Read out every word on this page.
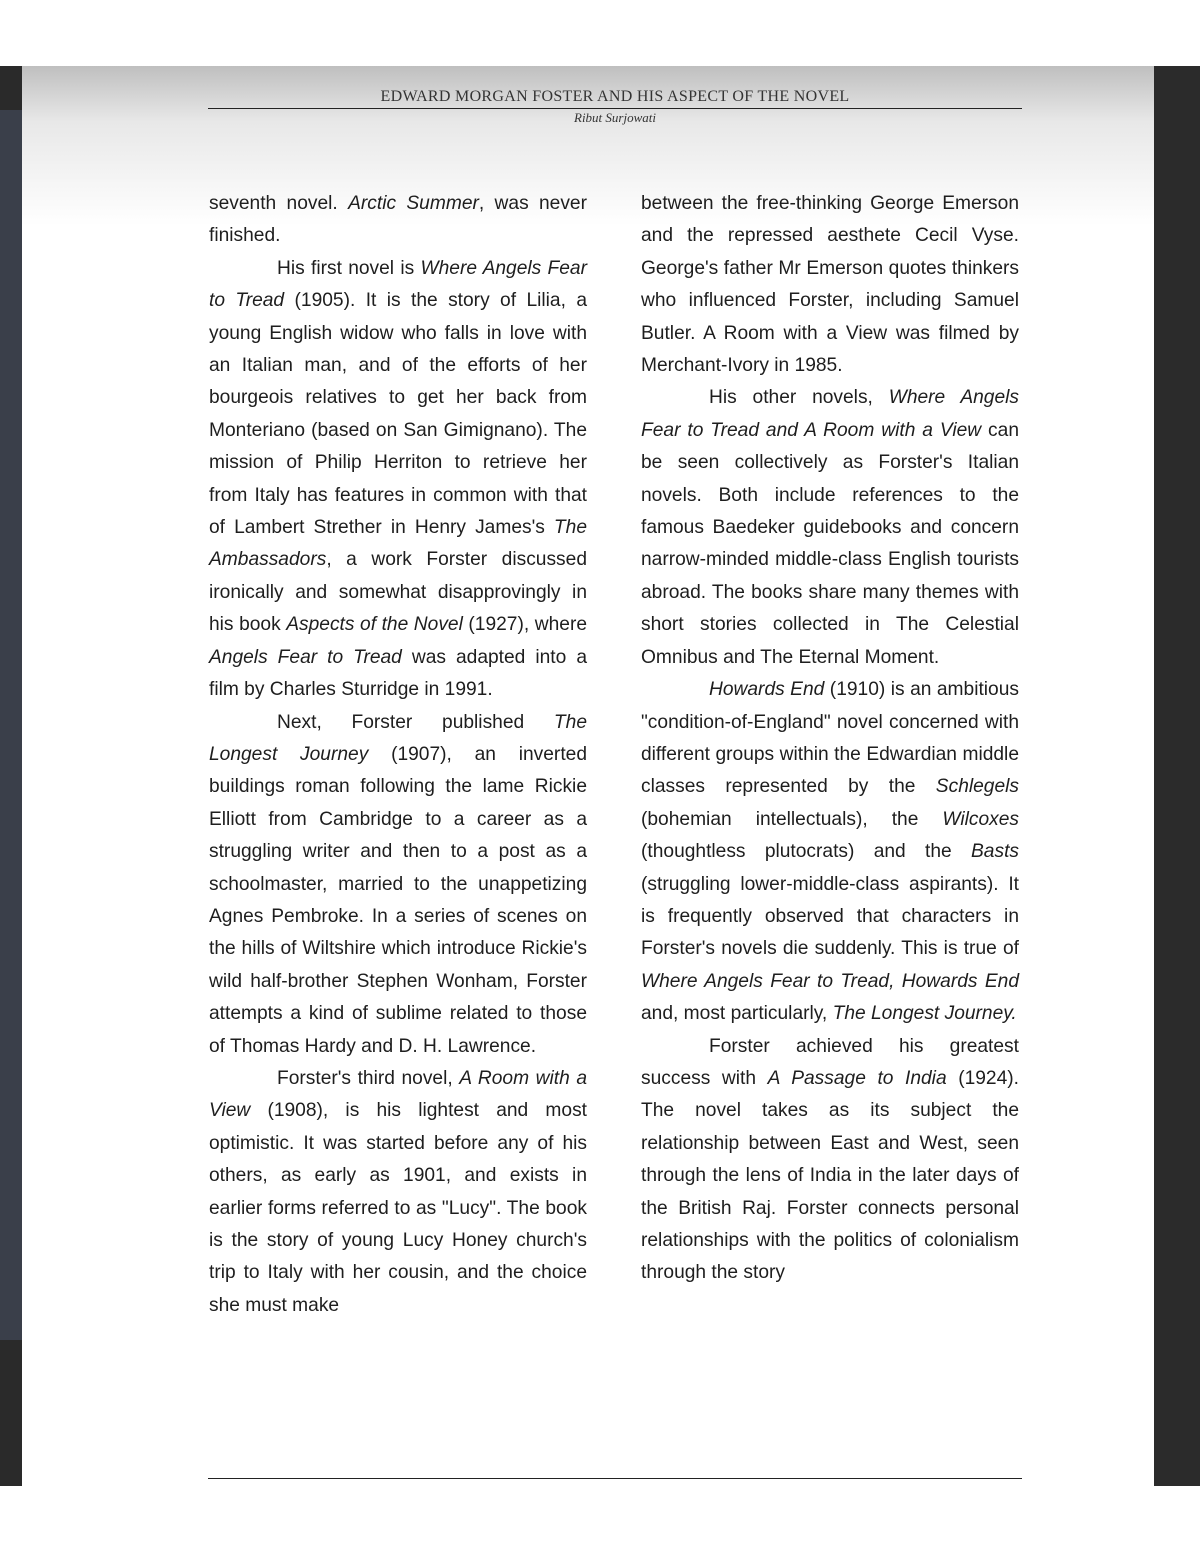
EDWARD MORGAN FOSTER AND HIS ASPECT OF THE NOVEL
Ribut Surjowati

seventh novel. Arctic Summer, was never finished.

His first novel is Where Angels Fear to Tread (1905). It is the story of Lilia, a young English widow who falls in love with an Italian man, and of the efforts of her bourgeois relatives to get her back from Monteriano (based on San Gimignano). The mission of Philip Herriton to retrieve her from Italy has features in common with that of Lambert Strether in Henry James's The Ambassadors, a work Forster discussed ironically and somewhat disapprovingly in his book Aspects of the Novel (1927), where Angels Fear to Tread was adapted into a film by Charles Sturridge in 1991.

Next, Forster published The Longest Journey (1907), an inverted buildings roman following the lame Rickie Elliott from Cambridge to a career as a struggling writer and then to a post as a schoolmaster, married to the unappetizing Agnes Pembroke. In a series of scenes on the hills of Wiltshire which introduce Rickie's wild half-brother Stephen Wonham, Forster attempts a kind of sublime related to those of Thomas Hardy and D. H. Lawrence.

Forster's third novel, A Room with a View (1908), is his lightest and most optimistic. It was started before any of his others, as early as 1901, and exists in earlier forms referred to as "Lucy". The book is the story of young Lucy Honey church's trip to Italy with her cousin, and the choice she must make

between the free-thinking George Emerson and the repressed aesthete Cecil Vyse. George's father Mr Emerson quotes thinkers who influenced Forster, including Samuel Butler. A Room with a View was filmed by Merchant-Ivory in 1985.

His other novels, Where Angels Fear to Tread and A Room with a View can be seen collectively as Forster's Italian novels. Both include references to the famous Baedeker guidebooks and concern narrow-minded middle-class English tourists abroad. The books share many themes with short stories collected in The Celestial Omnibus and The Eternal Moment.

Howards End (1910) is an ambitious "condition-of-England" novel concerned with different groups within the Edwardian middle classes represented by the Schlegels (bohemian intellectuals), the Wilcoxes (thoughtless plutocrats) and the Basts (struggling lower-middle-class aspirants). It is frequently observed that characters in Forster's novels die suddenly. This is true of Where Angels Fear to Tread, Howards End and, most particularly, The Longest Journey.

Forster achieved his greatest success with A Passage to India (1924). The novel takes as its subject the relationship between East and West, seen through the lens of India in the later days of the British Raj. Forster connects personal relationships with the politics of colonialism through the story
